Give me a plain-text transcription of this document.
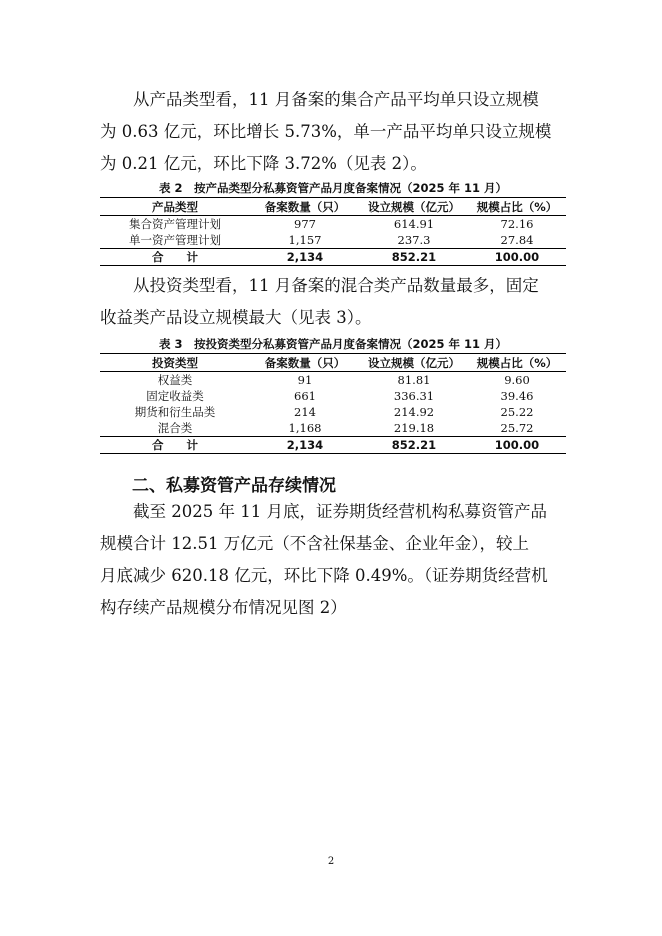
　　从产品类型看，11 月备案的集合产品平均单只设立规模
为 0.63 亿元，环比增长 5.73%，单一产品平均单只设立规模
为 0.21 亿元，环比下降 3.72%（见表 2）。

表 2　按产品类型分私募资管产品月度备案情况（2025 年 11 月）
产品类型	备案数量（只）	设立规模（亿元）	规模占比（%）
集合资产管理计划	977	614.91	72.16
单一资产管理计划	1,157	237.3	27.84
合　　计	2,134	852.21	100.00

　　从投资类型看，11 月备案的混合类产品数量最多，固定
收益类产品设立规模最大（见表 3）。

表 3　按投资类型分私募资管产品月度备案情况（2025 年 11 月）
投资类型	备案数量（只）	设立规模（亿元）	规模占比（%）
权益类	91	81.81	9.60
固定收益类	661	336.31	39.46
期货和衍生品类	214	214.92	25.22
混合类	1,168	219.18	25.72
合　　计	2,134	852.21	100.00
二、私募资管产品存续情况

　　截至 2025 年 11 月底，证券期货经营机构私募资管产品
规模合计 12.51 万亿元（不含社保基金、企业年金），较上
月底减少 620.18 亿元，环比下降 0.49%。（证券期货经营机
构存续产品规模分布情况见图 2）

2
